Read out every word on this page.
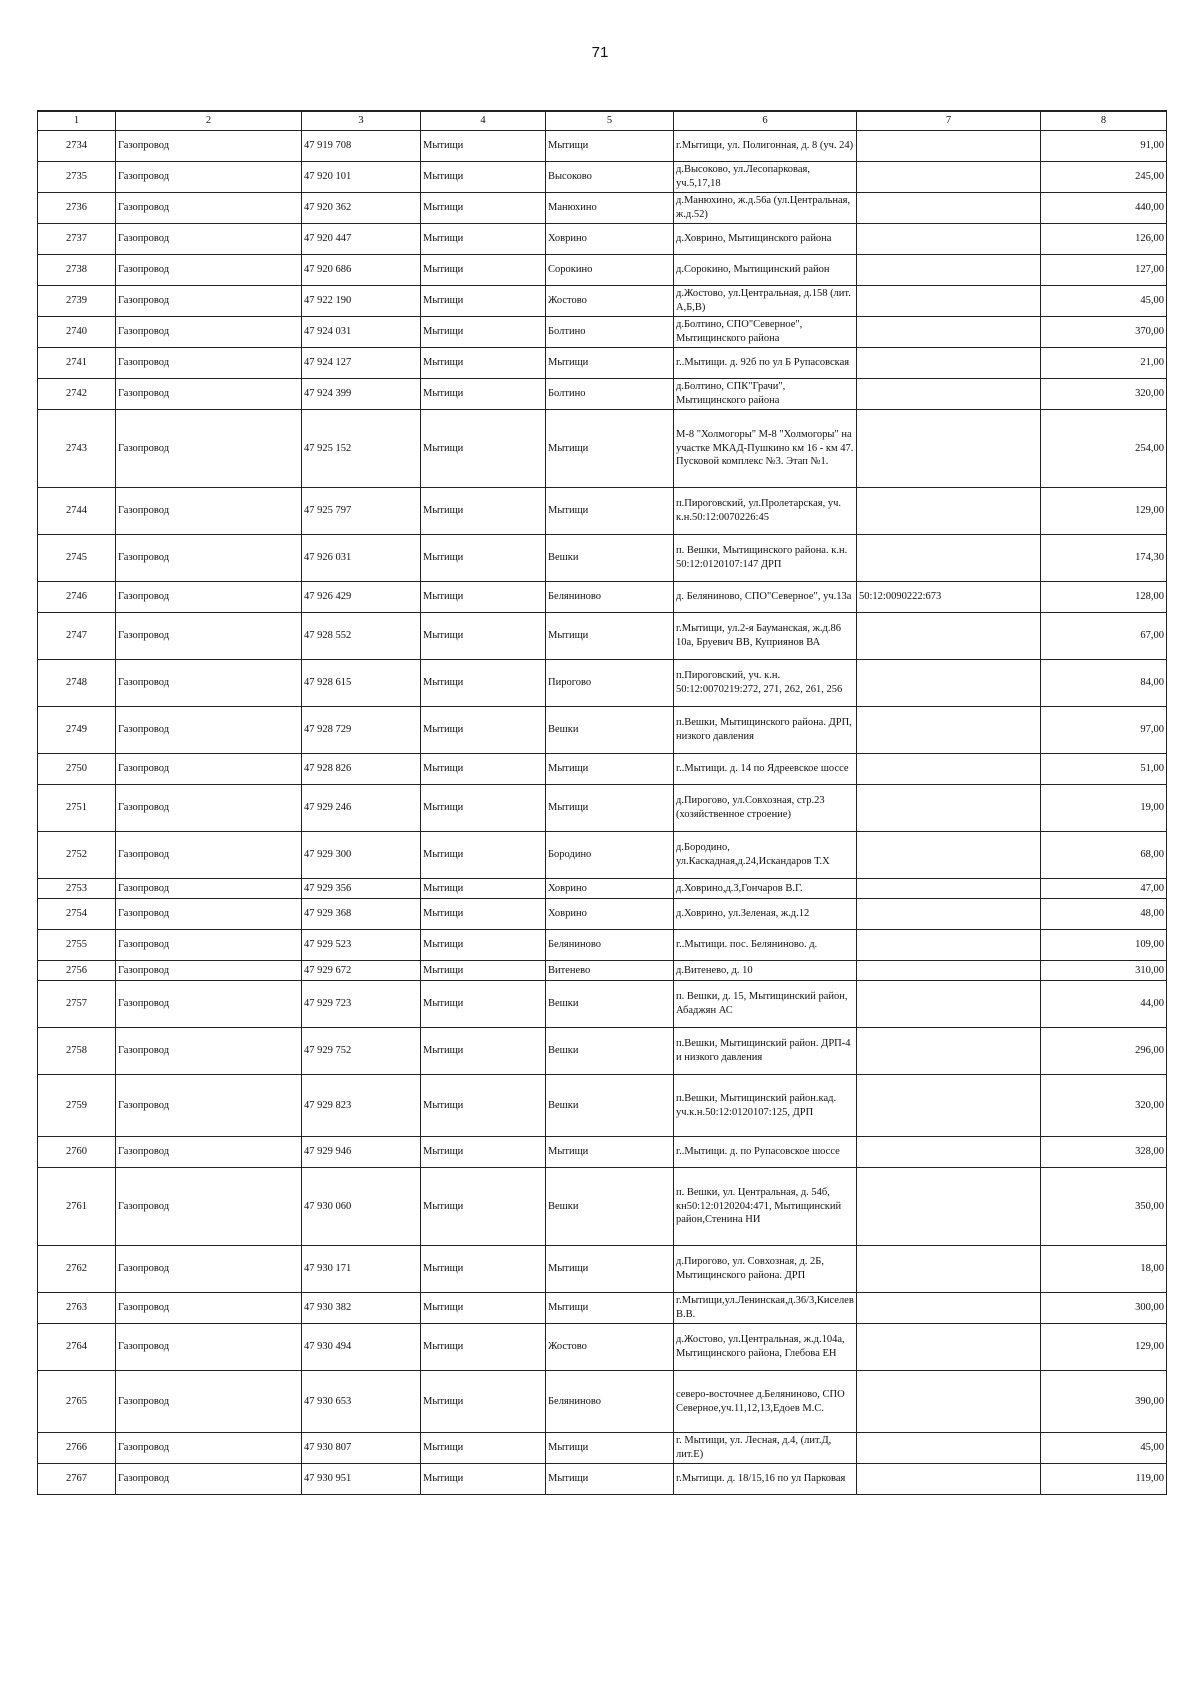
71
1	2	3	4	5	6	7	8
2734	Газопровод	47 919 708	Мытищи	Мытищи	г.Мытищи, ул. Полигонная, д. 8 (уч. 24)		91,00
2735	Газопровод	47 920 101	Мытищи	Высоково	д.Высоково, ул.Лесопарковая, уч.5,17,18		245,00
2736	Газопровод	47 920 362	Мытищи	Манюхино	д.Манюхино, ж.д.56а (ул.Центральная, ж.д.52)		440,00
2737	Газопровод	47 920 447	Мытищи	Ховрино	д.Ховрино, Мытищинского района		126,00
2738	Газопровод	47 920 686	Мытищи	Сорокино	д.Сорокино, Мытищинский район		127,00
2739	Газопровод	47 922 190	Мытищи	Жостово	д.Жостово, ул.Центральная, д.158 (лит. А,Б,В)		45,00
2740	Газопровод	47 924 031	Мытищи	Болтино	д.Болтино, СПО"Северное", Мытищинского района		370,00
2741	Газопровод	47 924 127	Мытищи	Мытищи	г..Мытищи. д. 92б по ул Б Рупасовская		21,00
2742	Газопровод	47 924 399	Мытищи	Болтино	д.Болтино, СПК"Грачи", Мытищинского района		320,00
2743	Газопровод	47 925 152	Мытищи	Мытищи	М-8 "Холмогоры" М-8 "Холмогоры" на участке МКАД-Пушкино км 16 - км 47. Пусковой комплекс №3. Этап №1.		254,00
2744	Газопровод	47 925 797	Мытищи	Мытищи	п.Пироговский, ул.Пролетарская, уч. к.н.50:12:0070226:45		129,00
2745	Газопровод	47 926 031	Мытищи	Вешки	п. Вешки, Мытищинского района. к.н. 50:12:0120107:147 ДРП		174,30
2746	Газопровод	47 926 429	Мытищи	Беляниново	д. Беляниново, СПО"Северное", уч.13а	50:12:0090222:673	128,00
2747	Газопровод	47 928 552	Мытищи	Мытищи	г.Мытищи, ул.2-я Бауманская, ж.д.86 10а, Бруевич ВВ, Куприянов ВА		67,00
2748	Газопровод	47 928 615	Мытищи	Пирогово	п.Пироговский, уч. к.н. 50:12:0070219:272, 271, 262, 261, 256		84,00
2749	Газопровод	47 928 729	Мытищи	Вешки	п.Вешки, Мытищинского района. ДРП, низкого давления		97,00
2750	Газопровод	47 928 826	Мытищи	Мытищи	г..Мытищи. д. 14 по Ядреевское шоссе		51,00
2751	Газопровод	47 929 246	Мытищи	Мытищи	д.Пирогово, ул.Совхозная, стр.23 (хозяйственное строение)		19,00
2752	Газопровод	47 929 300	Мытищи	Бородино	д.Бородино, ул.Каскадная,д.24,Искандаров Т.Х		68,00
2753	Газопровод	47 929 356	Мытищи	Ховрино	д.Ховрино,д.3,Гончаров В.Г.		47,00
2754	Газопровод	47 929 368	Мытищи	Ховрино	д.Ховрино, ул.Зеленая, ж.д.12		48,00
2755	Газопровод	47 929 523	Мытищи	Беляниново	г..Мытищи. пос. Беляниново. д.		109,00
2756	Газопровод	47 929 672	Мытищи	Витенево	д.Витенево, д. 10		310,00
2757	Газопровод	47 929 723	Мытищи	Вешки	п. Вешки, д. 15, Мытищинский район, Абаджян АС		44,00
2758	Газопровод	47 929 752	Мытищи	Вешки	п.Вешки, Мытищинский район. ДРП-4 и низкого давления		296,00
2759	Газопровод	47 929 823	Мытищи	Вешки	п.Вешки, Мытищинский район.кад. уч.к.н.50:12:0120107:125, ДРП		320,00
2760	Газопровод	47 929 946	Мытищи	Мытищи	г..Мытищи. д. по Рупасовское шоссе		328,00
2761	Газопровод	47 930 060	Мытищи	Вешки	п. Вешки, ул. Центральная, д. 54б, кн50:12:0120204:471, Мытищинский район,Стенина НИ		350,00
2762	Газопровод	47 930 171	Мытищи	Мытищи	д.Пирогово, ул. Совхозная, д. 2Б, Мытищинского района. ДРП		18,00
2763	Газопровод	47 930 382	Мытищи	Мытищи	г.Мытищи,ул.Ленинская,д.36/3,Киселев В.В.		300,00
2764	Газопровод	47 930 494	Мытищи	Жостово	д.Жостово, ул.Центральная, ж.д.104а, Мытищинского района, Глебова ЕН		129,00
2765	Газопровод	47 930 653	Мытищи	Беляниново	северо-восточнее д.Беляниново, СПО Северное,уч.11,12,13,Едоев М.С.		390,00
2766	Газопровод	47 930 807	Мытищи	Мытищи	г. Мытищи, ул. Лесная, д.4, (лит.Д, лит.Е)		45,00
2767	Газопровод	47 930 951	Мытищи	Мытищи	г.Мытищи. д. 18/15,16 по ул Парковая		119,00
